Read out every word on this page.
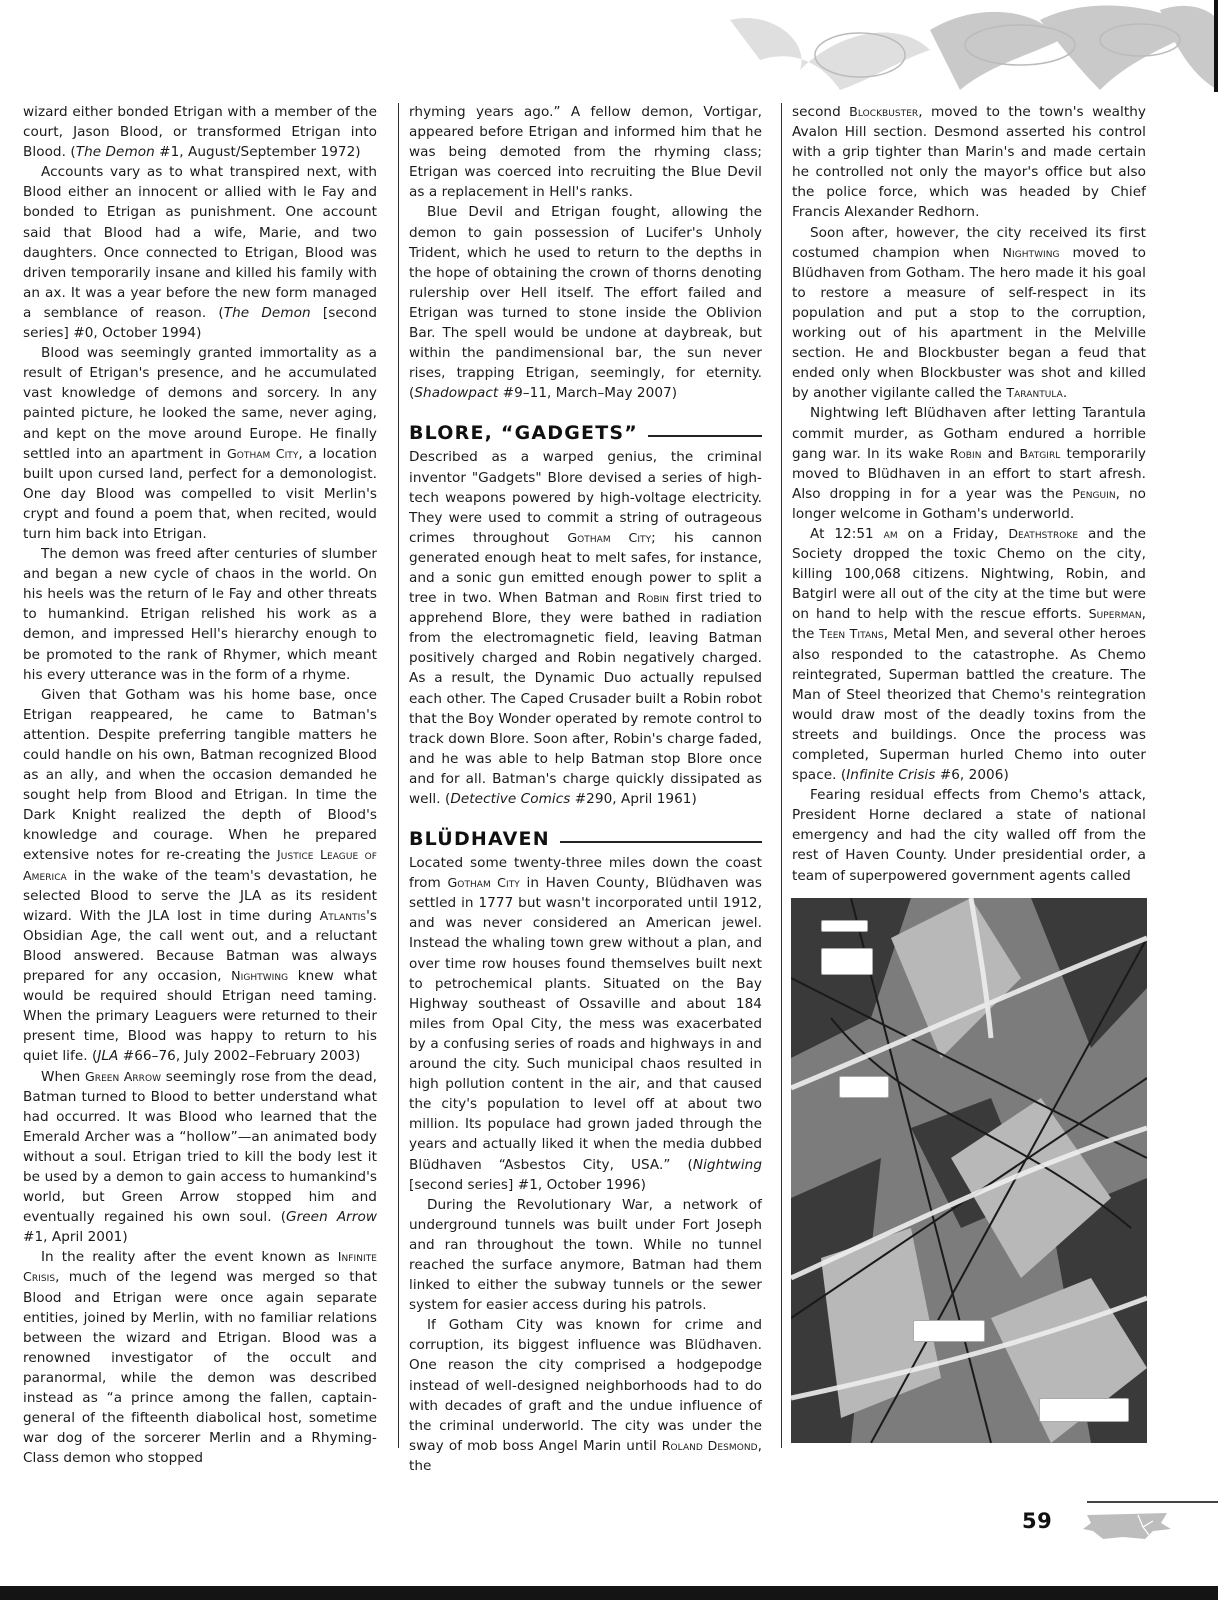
wizard either bonded Etrigan with a member of the court, Jason Blood, or transformed Etrigan into Blood. (The Demon #1, August/September 1972)

Accounts vary as to what transpired next, with Blood either an innocent or allied with le Fay and bonded to Etrigan as punishment. One account said that Blood had a wife, Marie, and two daughters. Once connected to Etrigan, Blood was driven temporarily insane and killed his family with an ax. It was a year before the new form managed a semblance of reason. (The Demon [second series] #0, October 1994)

Blood was seemingly granted immortality as a result of Etrigan's presence, and he accumulated vast knowledge of demons and sorcery. In any painted picture, he looked the same, never aging, and kept on the move around Europe. He finally settled into an apartment in Gotham City, a location built upon cursed land, perfect for a demonologist. One day Blood was compelled to visit Merlin's crypt and found a poem that, when recited, would turn him back into Etrigan.

The demon was freed after centuries of slumber and began a new cycle of chaos in the world. On his heels was the return of le Fay and other threats to humankind. Etrigan relished his work as a demon, and impressed Hell's hierarchy enough to be promoted to the rank of Rhymer, which meant his every utterance was in the form of a rhyme.

Given that Gotham was his home base, once Etrigan reappeared, he came to Batman's attention. Despite preferring tangible matters he could handle on his own, Batman recognized Blood as an ally, and when the occasion demanded he sought help from Blood and Etrigan. In time the Dark Knight realized the depth of Blood's knowledge and courage. When he prepared extensive notes for re-creating the Justice League of America in the wake of the team's devastation, he selected Blood to serve the JLA as its resident wizard. With the JLA lost in time during Atlantis's Obsidian Age, the call went out, and a reluctant Blood answered. Because Batman was always prepared for any occasion, Nightwing knew what would be required should Etrigan need taming. When the primary Leaguers were returned to their present time, Blood was happy to return to his quiet life. (JLA #66–76, July 2002–February 2003)

When Green Arrow seemingly rose from the dead, Batman turned to Blood to better understand what had occurred. It was Blood who learned that the Emerald Archer was a “hollow”—an animated body without a soul. Etrigan tried to kill the body lest it be used by a demon to gain access to humankind's world, but Green Arrow stopped him and eventually regained his own soul. (Green Arrow #1, April 2001)

In the reality after the event known as Infinite Crisis, much of the legend was merged so that Blood and Etrigan were once again separate entities, joined by Merlin, with no familiar relations between the wizard and Etrigan. Blood was a renowned investigator of the occult and paranormal, while the demon was described instead as “a prince among the fallen, captain-general of the fifteenth diabolical host, sometime war dog of the sorcerer Merlin and a Rhyming-Class demon who stopped

rhyming years ago.” A fellow demon, Vortigar, appeared before Etrigan and informed him that he was being demoted from the rhyming class; Etrigan was coerced into recruiting the Blue Devil as a replacement in Hell's ranks.

Blue Devil and Etrigan fought, allowing the demon to gain possession of Lucifer's Unholy Trident, which he used to return to the depths in the hope of obtaining the crown of thorns denoting rulership over Hell itself. The effort failed and Etrigan was turned to stone inside the Oblivion Bar. The spell would be undone at daybreak, but within the pandimensional bar, the sun never rises, trapping Etrigan, seemingly, for eternity. (Shadowpact #9–11, March–May 2007)

BLORE, “GADGETS”

Described as a warped genius, the criminal inventor "Gadgets" Blore devised a series of high-tech weapons powered by high-voltage electricity. They were used to commit a string of outrageous crimes throughout Gotham City; his cannon generated enough heat to melt safes, for instance, and a sonic gun emitted enough power to split a tree in two. When Batman and Robin first tried to apprehend Blore, they were bathed in radiation from the electromagnetic field, leaving Batman positively charged and Robin negatively charged. As a result, the Dynamic Duo actually repulsed each other. The Caped Crusader built a Robin robot that the Boy Wonder operated by remote control to track down Blore. Soon after, Robin's charge faded, and he was able to help Batman stop Blore once and for all. Batman's charge quickly dissipated as well. (Detective Comics #290, April 1961)

BLÜDHAVEN

Located some twenty-three miles down the coast from Gotham City in Haven County, Blüdhaven was settled in 1777 but wasn't incorporated until 1912, and was never considered an American jewel. Instead the whaling town grew without a plan, and over time row houses found themselves built next to petrochemical plants. Situated on the Bay Highway southeast of Ossaville and about 184 miles from Opal City, the mess was exacerbated by a confusing series of roads and highways in and around the city. Such municipal chaos resulted in high pollution content in the air, and that caused the city's population to level off at about two million. Its populace had grown jaded through the years and actually liked it when the media dubbed Blüdhaven “Asbestos City, USA.” (Nightwing [second series] #1, October 1996)

During the Revolutionary War, a network of underground tunnels was built under Fort Joseph and ran throughout the town. While no tunnel reached the surface anymore, Batman had them linked to either the subway tunnels or the sewer system for easier access during his patrols.

If Gotham City was known for crime and corruption, its biggest influence was Blüdhaven. One reason the city comprised a hodgepodge instead of well-designed neighborhoods had to do with decades of graft and the undue influence of the criminal underworld. The city was under the sway of mob boss Angel Marin until Roland Desmond, the

second Blockbuster, moved to the town's wealthy Avalon Hill section. Desmond asserted his control with a grip tighter than Marin's and made certain he controlled not only the mayor's office but also the police force, which was headed by Chief Francis Alexander Redhorn.

Soon after, however, the city received its first costumed champion when Nightwing moved to Blüdhaven from Gotham. The hero made it his goal to restore a measure of self-respect in its population and put a stop to the corruption, working out of his apartment in the Melville section. He and Blockbuster began a feud that ended only when Blockbuster was shot and killed by another vigilante called the Tarantula.

Nightwing left Blüdhaven after letting Tarantula commit murder, as Gotham endured a horrible gang war. In its wake Robin and Batgirl temporarily moved to Blüdhaven in an effort to start afresh. Also dropping in for a year was the Penguin, no longer welcome in Gotham's underworld.

At 12:51 am on a Friday, Deathstroke and the Society dropped the toxic Chemo on the city, killing 100,068 citizens. Nightwing, Robin, and Batgirl were all out of the city at the time but were on hand to help with the rescue efforts. Superman, the Teen Titans, Metal Men, and several other heroes also responded to the catastrophe. As Chemo reintegrated, Superman battled the creature. The Man of Steel theorized that Chemo's reintegration would draw most of the deadly toxins from the streets and buildings. Once the process was completed, Superman hurled Chemo into outer space. (Infinite Crisis #6, 2006)

Fearing residual effects from Chemo's attack, President Horne declared a state of national emergency and had the city walled off from the rest of Haven County. Under presidential order, a team of superpowered government agents called

59
